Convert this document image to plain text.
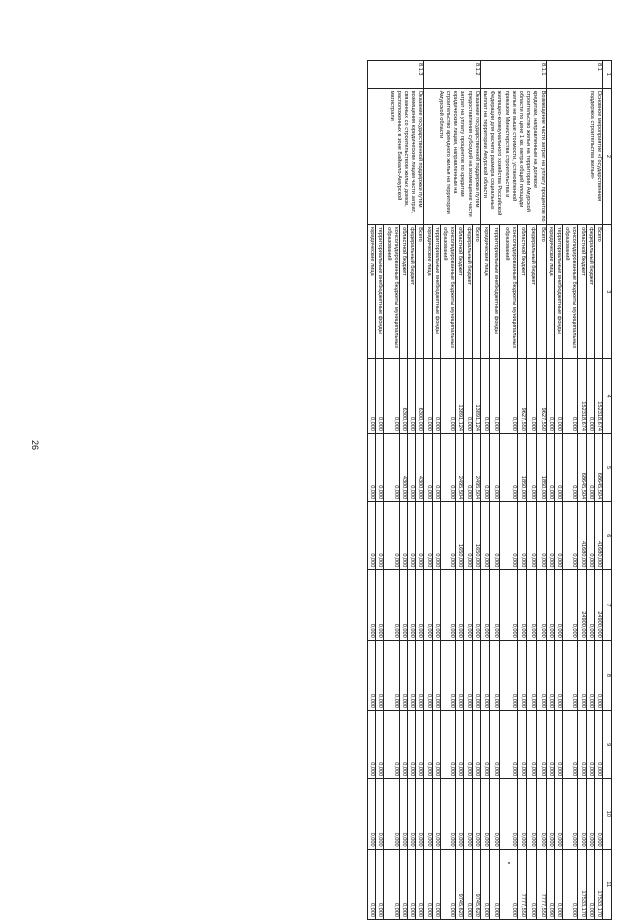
26
1	2	3	4	5	6	7	8	9	10	11
8.1	Основное мероприятие «Государственная поддержка строительства жилья»	Всего	152318,674	68645,504	41680,000	24900,000	0,000	0,000	0,000	17533,170
		федеральный бюджет	0,000	0,000	0,000	0,000	0,000	0,000	0,000	0,000
		областной бюджет	152318,674	68645,504	41680,000	24900,000	0,000	0,000	0,000	17533,170
		консолидированные бюджеты муниципальных образований	0,000	0,000	0,000	0,000	0,000	0,000	0,000	0,000
		территориальные внебюджетные фонды	0,000	0,000	0,000	0,000	0,000	0,000	0,000	0,000
		юридические лица	0,000	0,000	0,000	0,000	0,000	0,000	0,000	0,090
8.1.1	Возмещение части затрат на уплату процентов по кредитам, направленным на долевое строительство жилья на территории Амурской области по цене 1 кв. метра общей площади жилья не выше стоимости, установленной приказом Министерства строительства и жилищно-коммунального хозяйства Российской Федерации для расчета размера социальных выплат на территории Амурской области	Всего	9627,550	1850,000	0,000	0,000	0,000	0,000	0,000	7777,550
		федеральный бюджет	0,000	0,000	0,000	0,000	0,000	0,000	0,000	0,000
		областной бюджет	9627,550	1850,000	0,000	0,000	0,000	0,000	0,000	7777,550
		консолидированные бюджеты муниципальных образований	0,000	0,000	0,000	0,000	0,000	0,000	0,000	0,000
		территориальные внебюджетные фонды	0,000	0,000	0,000	0,000	0,000	0,000	0,000	0,000
		юридические лица	0,000	0,000	0,000	0,000	0,000	0,000	0,000	0,000
8.1.2	Оказание государственной поддержки путем предоставления субсидий на возмещение части затрат на уплату процентов по кредитам юридическим лицам, направленным на строительство арендного жилья на территории Амурской области	Всего	13891,124	2495,504	1650,000	0,000	0,000	0,000	0,000	9745,620
		федеральный бюджет	0,000	0,000	0,000	0,000	0,000	0,000	0,000	0,000
		областной бюджет	13891,124	2495,504	1650,000	0,000	0,000	0,000	0,000	9745,620
		консолидированные бюджеты муниципальных образований	0,000	0,000	0,000	0,000	0,000	0,000	0,000	0,000
		территориальные внебюджетные фонды	0,000	0,000	0,000	0,000	0,000	0,000	0,000	0,000
		юридические лица	0,000	0,000	0,000	0,000	0,000	0,000	0,000	0,000
8.1.3	Оказание государственной поддержки путем возмещения юридическим лицам части затрат, связанных со строительством жилых домов, расположенных в зоне Байкало-Амурской магистрали	Всего	6300,000	4300,000	0,000	0,000	0,000	0,000	0,000	0,000
		федеральный бюджет	0,000	0,000	0,000	0,000	0,000	0,000	0,000	0,000
		областной бюджет	6300,000	4300,000	0,000	0,000	0,000	0,000	0,000	0,000
		консолидированные бюджеты муниципальных образований	0,000	0,000	0,000	0,000	0,000	0,000	0,000	0,000
		территориальные внебюджетные фонды	0,000	0,000	0,000	0,000	0,000	0,000	0,000	0,000
		юридические лица	0,000	0,000	0,000	0,000	0,000	0,000	0,000	0,000
